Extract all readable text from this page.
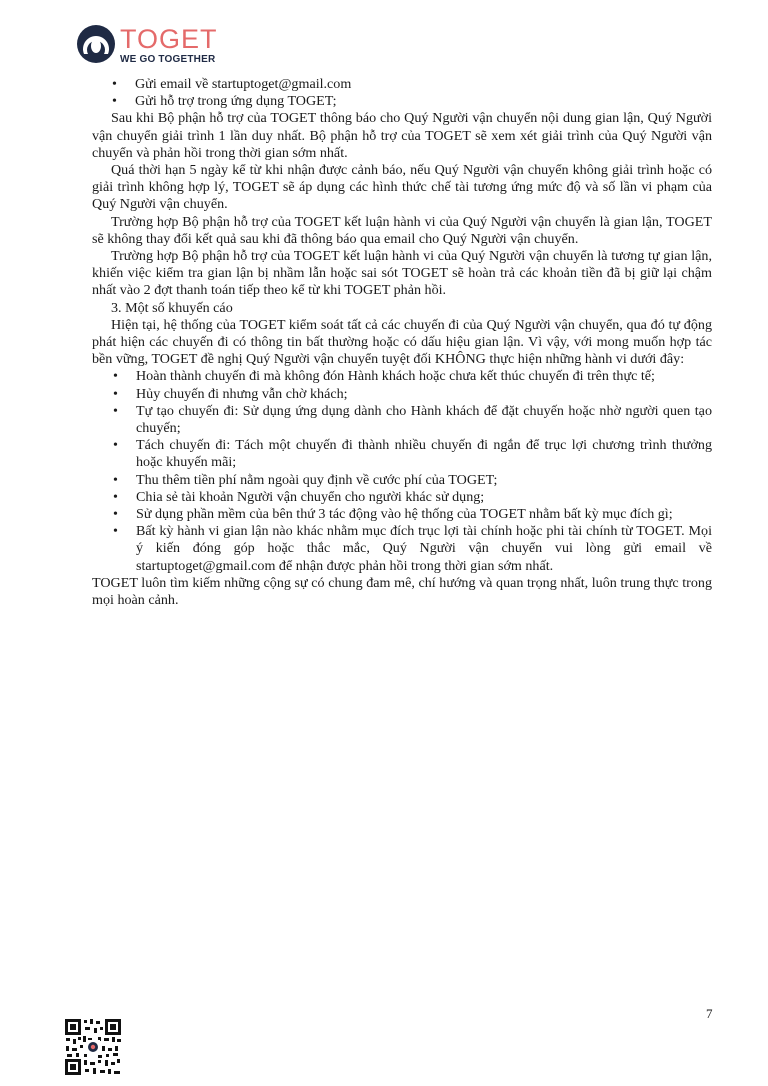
TOGET
WE GO TOGETHER
• Gửi email về startuptoget@gmail.com
• Gửi hỗ trợ trong ứng dụng TOGET;

Sau khi Bộ phận hỗ trợ của TOGET thông báo cho Quý Người vận chuyển nội dung gian lận, Quý Người vận chuyển giải trình 1 lần duy nhất. Bộ phận hỗ trợ của TOGET sẽ xem xét giải trình của Quý Người vận chuyển và phản hồi trong thời gian sớm nhất.

Quá thời hạn 5 ngày kể từ khi nhận được cảnh báo, nếu Quý Người vận chuyển không giải trình hoặc có giải trình không hợp lý, TOGET sẽ áp dụng các hình thức chế tài tương ứng mức độ và số lần vi phạm của Quý Người vận chuyển.

Trường hợp Bộ phận hỗ trợ của TOGET kết luận hành vi của Quý Người vận chuyển là gian lận, TOGET sẽ không thay đổi kết quả sau khi đã thông báo qua email cho Quý Người vận chuyển.

Trường hợp Bộ phận hỗ trợ của TOGET kết luận hành vi của Quý Người vận chuyển là tương tự gian lận, khiến việc kiểm tra gian lận bị nhầm lẫn hoặc sai sót TOGET sẽ hoàn trả các khoản tiền đã bị giữ lại chậm nhất vào 2 đợt thanh toán tiếp theo kể từ khi TOGET phản hồi.

3. Một số khuyến cáo

Hiện tại, hệ thống của TOGET kiểm soát tất cả các chuyến đi của Quý Người vận chuyển, qua đó tự động phát hiện các chuyến đi có thông tin bất thường hoặc có dấu hiệu gian lận. Vì vậy, với mong muốn hợp tác bền vững, TOGET đề nghị Quý Người vận chuyển tuyệt đối KHÔNG thực hiện những hành vi dưới đây:

• Hoàn thành chuyến đi mà không đón Hành khách hoặc chưa kết thúc chuyến đi trên thực tế;
• Hủy chuyến đi nhưng vẫn chờ khách;
• Tự tạo chuyến đi: Sử dụng ứng dụng dành cho Hành khách để đặt chuyến hoặc nhờ người quen tạo chuyến;
• Tách chuyến đi: Tách một chuyến đi thành nhiều chuyến đi ngắn để trục lợi chương trình thưởng hoặc khuyến mãi;
• Thu thêm tiền phí nằm ngoài quy định về cước phí của TOGET;
• Chia sẻ tài khoản Người vận chuyển cho người khác sử dụng;
• Sử dụng phần mềm của bên thứ 3 tác động vào hệ thống của TOGET nhằm bất kỳ mục đích gì;
• Bất kỳ hành vi gian lận nào khác nhằm mục đích trục lợi tài chính hoặc phi tài chính từ TOGET. Mọi ý kiến đóng góp hoặc thắc mắc, Quý Người vận chuyển vui lòng gửi email về startuptoget@gmail.com để nhận được phản hồi trong thời gian sớm nhất.

TOGET luôn tìm kiếm những cộng sự có chung đam mê, chí hướng và quan trọng nhất, luôn trung thực trong mọi hoàn cảnh.

7
